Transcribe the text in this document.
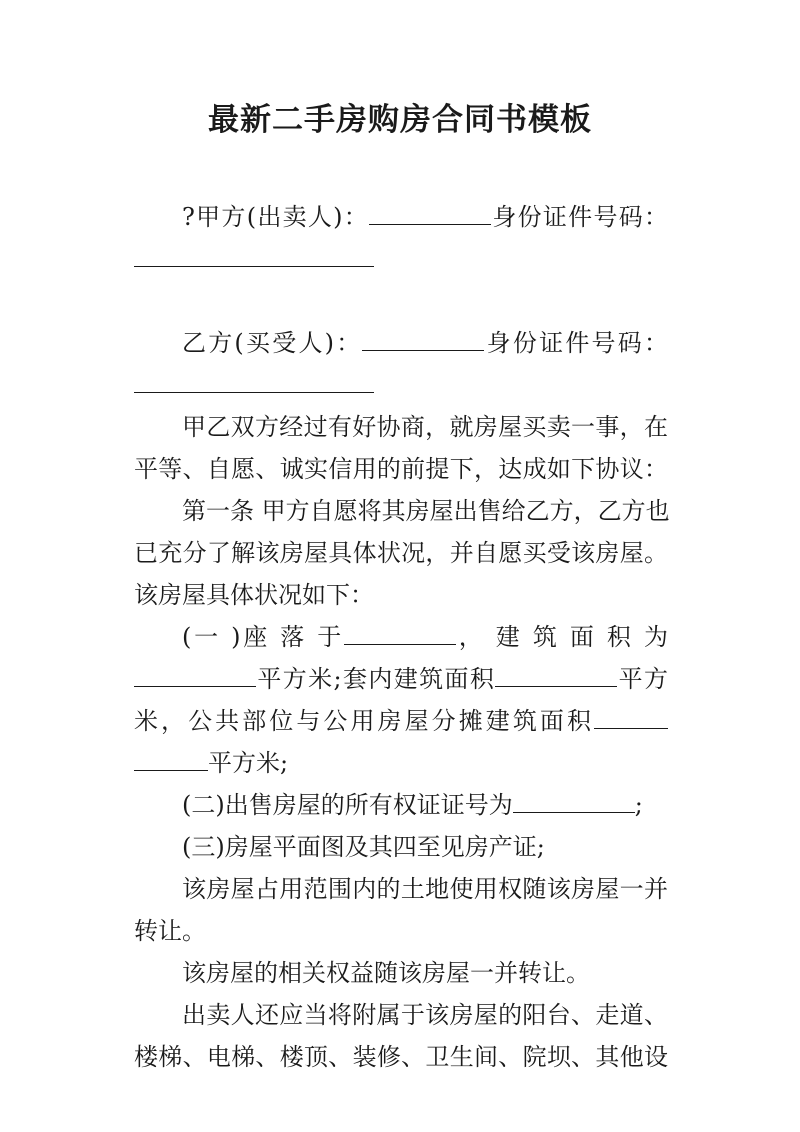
最新二手房购房合同书模板

?甲方(出卖人)：	身份证件号码：

乙方(买受人)：	身份证件号码：

甲乙双方经过有好协商，就房屋买卖一事，在

平等、自愿、诚实信用的前提下，达成如下协议：

第一条 甲方自愿将其房屋出售给乙方，乙方也

已充分了解该房屋具体状况，并自愿买受该房屋。

该房屋具体状况如下：

(一 )座 落 于	， 建 筑 面 积 为

平方米;套内建筑面积	平方

米，公共部位与公用房屋分摊建筑面积

平方米;

(二)出售房屋的所有权证证号为	;

(三)房屋平面图及其四至见房产证;

该房屋占用范围内的土地使用权随该房屋一并

转让。

该房屋的相关权益随该房屋一并转让。

出卖人还应当将附属于该房屋的阳台、走道、

楼梯、电梯、楼顶、装修、卫生间、院坝、其他设
